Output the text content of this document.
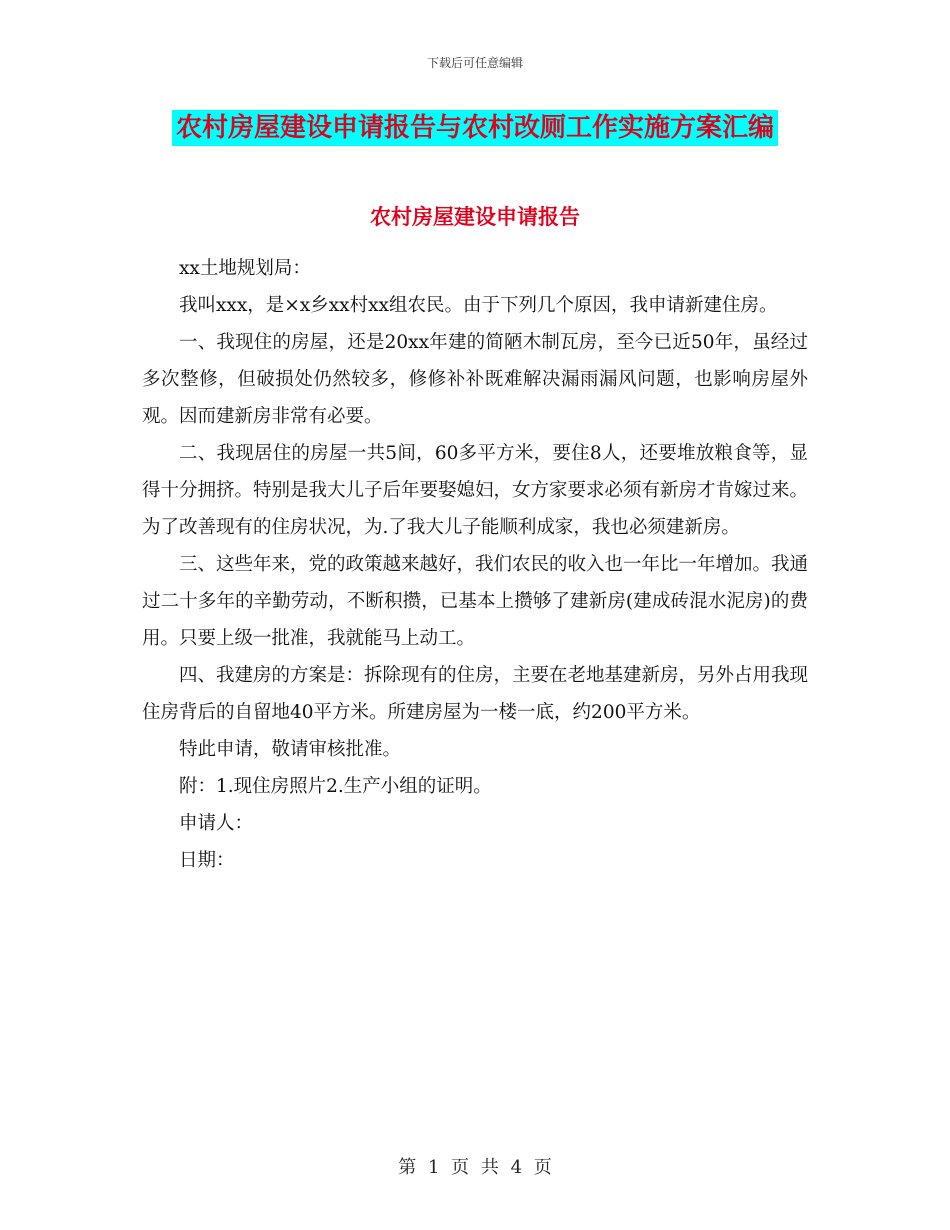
下载后可任意编辑
农村房屋建设申请报告与农村改厕工作实施方案汇编
农村房屋建设申请报告

xx土地规划局：

我叫xxx，是×x乡xx村xx组农民。由于下列几个原因，我申请新建住房。

一、我现住的房屋，还是20xx年建的简陋木制瓦房，至今已近50年，虽经过多次整修，但破损处仍然较多，修修补补既难解决漏雨漏风问题，也影响房屋外观。因而建新房非常有必要。

二、我现居住的房屋一共5间，60多平方米，要住8人，还要堆放粮食等，显得十分拥挤。特别是我大儿子后年要娶媳妇，女方家要求必须有新房才肯嫁过来。为了改善现有的住房状况，为.了我大儿子能顺利成家，我也必须建新房。

三、这些年来，党的政策越来越好，我们农民的收入也一年比一年增加。我通过二十多年的辛勤劳动，不断积攒，已基本上攒够了建新房(建成砖混水泥房)的费用。只要上级一批准，我就能马上动工。

四、我建房的方案是：拆除现有的住房，主要在老地基建新房，另外占用我现住房背后的自留地40平方米。所建房屋为一楼一底，约200平方米。

特此申请，敬请审核批准。

附：1.现住房照片2.生产小组的证明。

申请人：

日期：

第 1 页 共 4 页
